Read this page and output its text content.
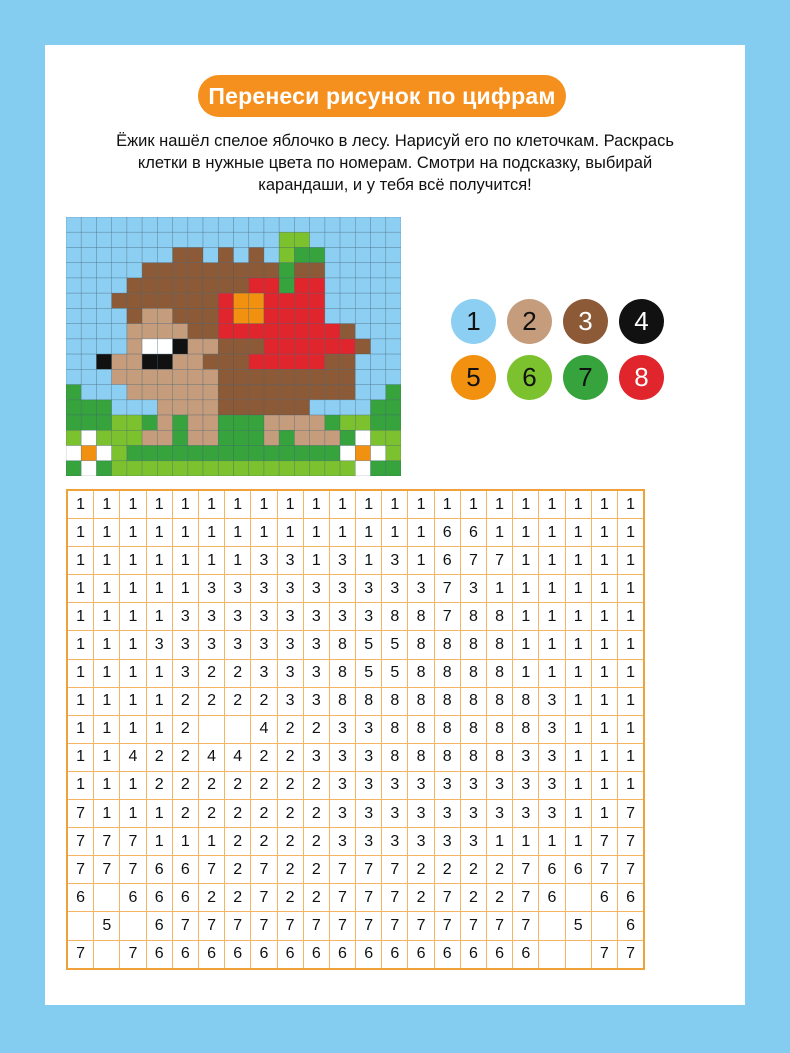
Перенеси рисунок по цифрам
Ёжик нашёл спелое яблочко в лесу. Нарисуй его по клеточкам. Раскрась
клетки в нужные цвета по номерам. Смотри на подсказку, выбирай
карандаши, и у тебя всё получится!
1	2	3	4
5	6	7	8
1	1	1	1	1	1	1	1	1	1	1	1	1	1	1	1	1	1	1	1	1	1
1	1	1	1	1	1	1	1	1	1	1	1	1	1	6	6	1	1	1	1	1	1
1	1	1	1	1	1	1	3	3	1	3	1	3	1	6	7	7	1	1	1	1	1
1	1	1	1	1	3	3	3	3	3	3	3	3	3	7	3	1	1	1	1	1	1
1	1	1	1	3	3	3	3	3	3	3	3	8	8	7	8	8	1	1	1	1	1
1	1	1	3	3	3	3	3	3	3	8	5	5	8	8	8	8	1	1	1	1	1
1	1	1	1	3	2	2	3	3	3	8	5	5	8	8	8	8	1	1	1	1	1
1	1	1	1	2	2	2	2	3	3	8	8	8	8	8	8	8	8	3	1	1	1
1	1	1	1	2			4	2	2	3	3	8	8	8	8	8	8	3	1	1	1
1	1	4	2	2	4	4	2	2	3	3	3	8	8	8	8	8	3	3	1	1	1
1	1	1	2	2	2	2	2	2	2	3	3	3	3	3	3	3	3	3	1	1	1
7	1	1	1	2	2	2	2	2	2	3	3	3	3	3	3	3	3	3	1	1	7
7	7	7	1	1	1	2	2	2	2	3	3	3	3	3	3	1	1	1	1	7	7
7	7	7	6	6	7	2	7	2	2	7	7	7	2	2	2	2	7	6	6	7	7
6		6	6	6	2	2	7	2	2	7	7	7	2	7	2	2	7	6		6	6
	5		6	7	7	7	7	7	7	7	7	7	7	7	7	7	7		5		6
7		7	6	6	6	6	6	6	6	6	6	6	6	6	6	6	6			7	7
